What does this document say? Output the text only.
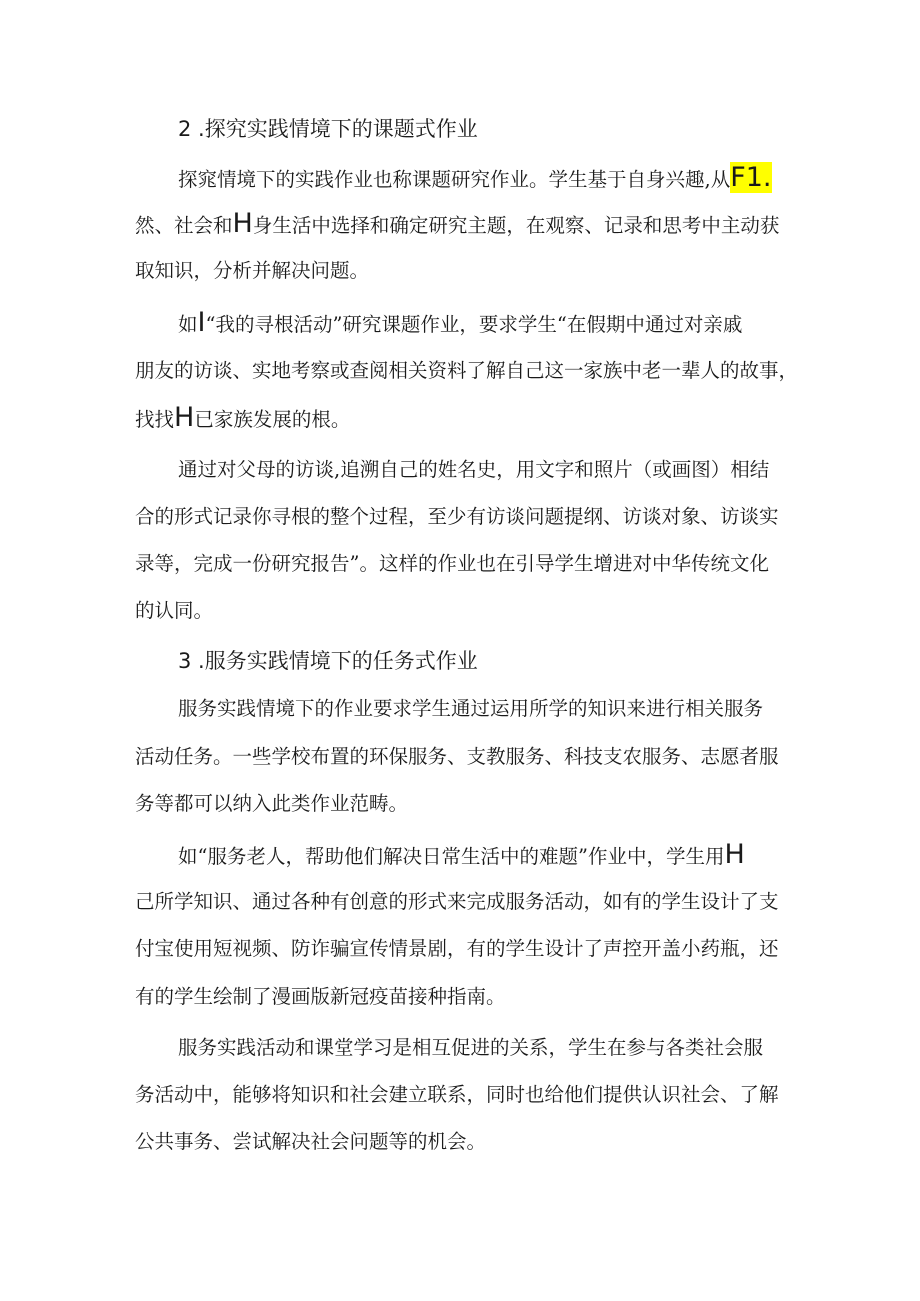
2 .探究实践情境下的课题式作业

探窕情境下的实践作业也称课题研究作业。学生基于自身兴趣,从F1.

然、社会和H身生活中选择和确定研究主题，在观察、记录和思考中主动获

取知识，分析并解决问题。

如I“我的寻根活动”研究课题作业，要求学生“在假期中通过对亲戚

朋友的访谈、实地考察或查阅相关资料了解自己这一家族中老一辈人的故事，

找找H已家族发展的根。

通过对父母的访谈,追溯自己的姓名史，用文字和照片（或画图）相结

合的形式记录你寻根的整个过程，至少有访谈问题提纲、访谈对象、访谈实

录等，完成一份研究报告”。这样的作业也在引导学生增进对中华传统文化

的认同。

3 .服务实践情境下的任务式作业

服务实践情境下的作业要求学生通过运用所学的知识来进行相关服务

活动任务。一些学校布置的环保服务、支教服务、科技支农服务、志愿者服

务等都可以纳入此类作业范畴。

如“服务老人，帮助他们解决日常生活中的难题”作业中，学生用H

己所学知识、通过各种有创意的形式来完成服务活动，如有的学生设计了支

付宝使用短视频、防诈骗宣传情景剧，有的学生设计了声控开盖小药瓶，还

有的学生绘制了漫画版新冠疫苗接种指南。

服务实践活动和课堂学习是相互促进的关系，学生在参与各类社会服

务活动中，能够将知识和社会建立联系，同时也给他们提供认识社会、了解

公共事务、尝试解决社会问题等的机会。
